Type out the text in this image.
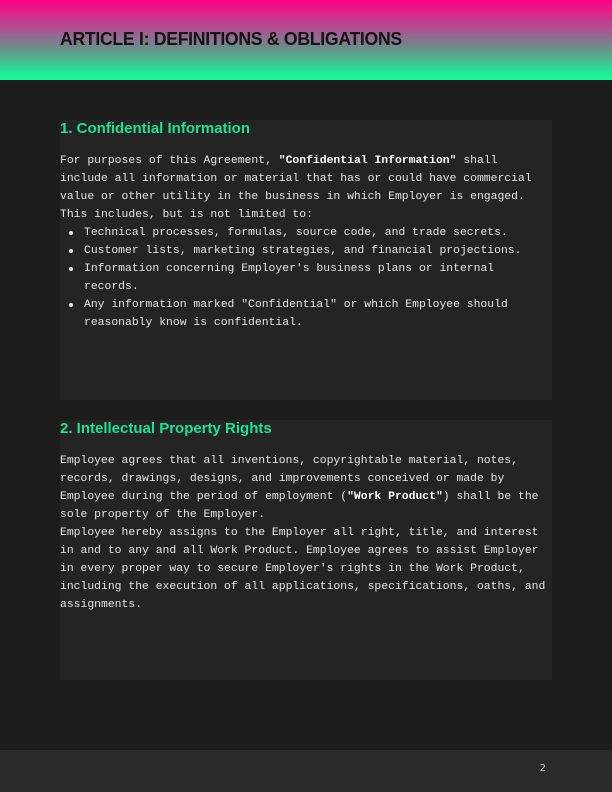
ARTICLE I: DEFINITIONS & OBLIGATIONS
1. Confidential Information
For purposes of this Agreement, "Confidential Information" shall include all information or material that has or could have commercial value or other utility in the business in which Employer is engaged. This includes, but is not limited to:
Technical processes, formulas, source code, and trade secrets.
Customer lists, marketing strategies, and financial projections.
Information concerning Employer's business plans or internal records.
Any information marked "Confidential" or which Employee should reasonably know is confidential.
2. Intellectual Property Rights
Employee agrees that all inventions, copyrightable material, notes, records, drawings, designs, and improvements conceived or made by Employee during the period of employment ("Work Product") shall be the sole property of the Employer.
Employee hereby assigns to the Employer all right, title, and interest in and to any and all Work Product. Employee agrees to assist Employer in every proper way to secure Employer's rights in the Work Product, including the execution of all applications, specifications, oaths, and assignments.
2
